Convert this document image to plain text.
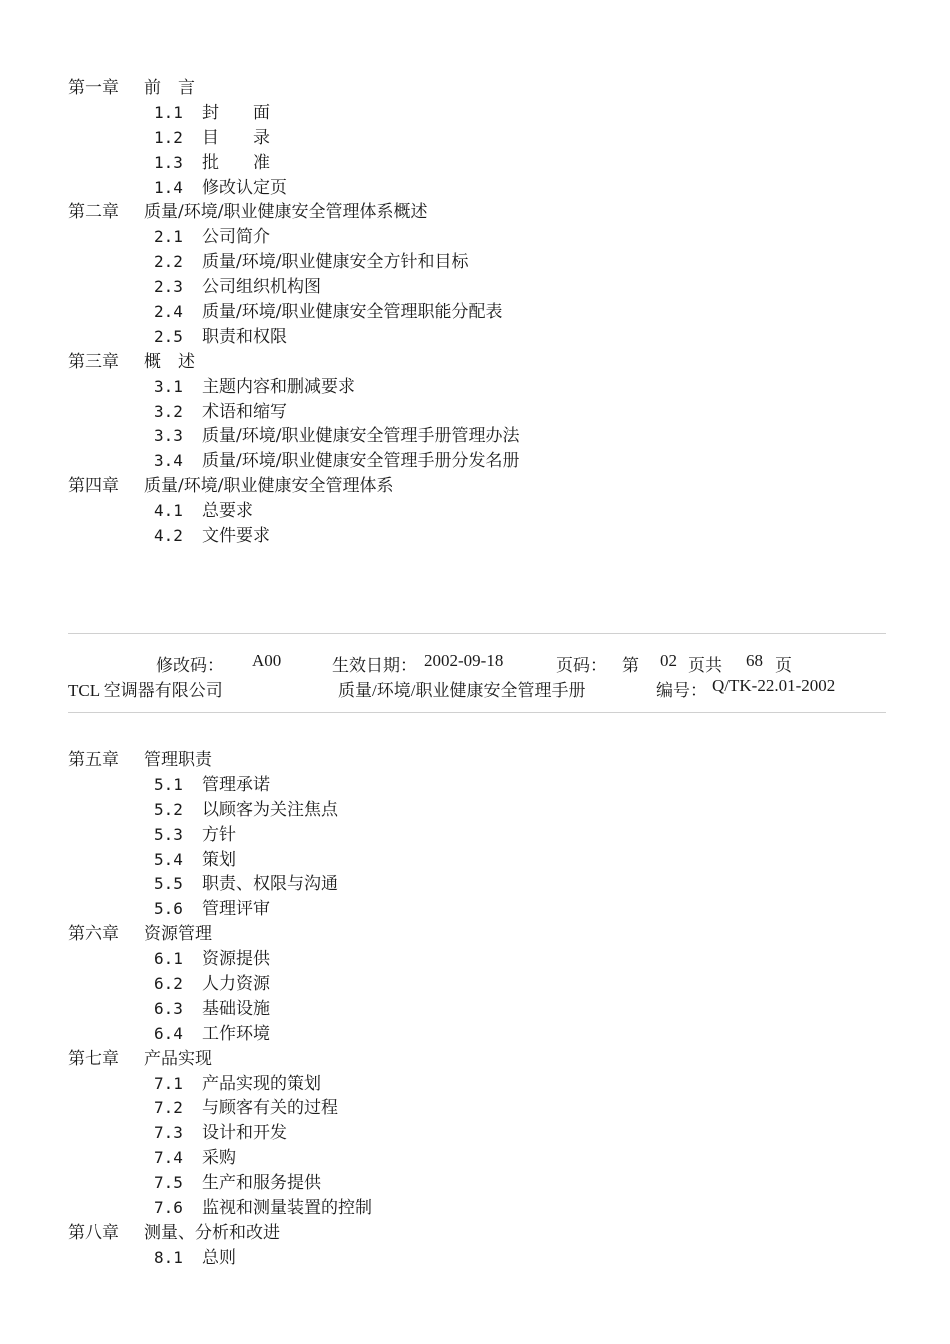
第一章 前　言
1.1 封　　面
1.2 目　　录
1.3 批　　准
1.4 修改认定页
第二章 质量/环境/职业健康安全管理体系概述
2.1 公司简介
2.2 质量/环境/职业健康安全方针和目标
2.3 公司组织机构图
2.4 质量/环境/职业健康安全管理职能分配表
2.5 职责和权限
第三章 概　述
3.1 主题内容和删减要求
3.2 术语和缩写
3.3 质量/环境/职业健康安全管理手册管理办法
3.4 质量/环境/职业健康安全管理手册分发名册
第四章 质量/环境/职业健康安全管理体系
4.1 总要求
4.2 文件要求
修改码： A00	生效日期： 2002-09-18	页码： 第 02 页共 68 页
TCL 空调器有限公司	质量/环境/职业健康安全管理手册	编号： Q/TK-22.01-2002
第五章 管理职责
5.1 管理承诺
5.2 以顾客为关注焦点
5.3 方针
5.4 策划
5.5 职责、权限与沟通
5.6 管理评审
第六章 资源管理
6.1 资源提供
6.2 人力资源
6.3 基础设施
6.4 工作环境
第七章 产品实现
7.1 产品实现的策划
7.2 与顾客有关的过程
7.3 设计和开发
7.4 采购
7.5 生产和服务提供
7.6 监视和测量装置的控制
第八章 测量、分析和改进
8.1 总则
